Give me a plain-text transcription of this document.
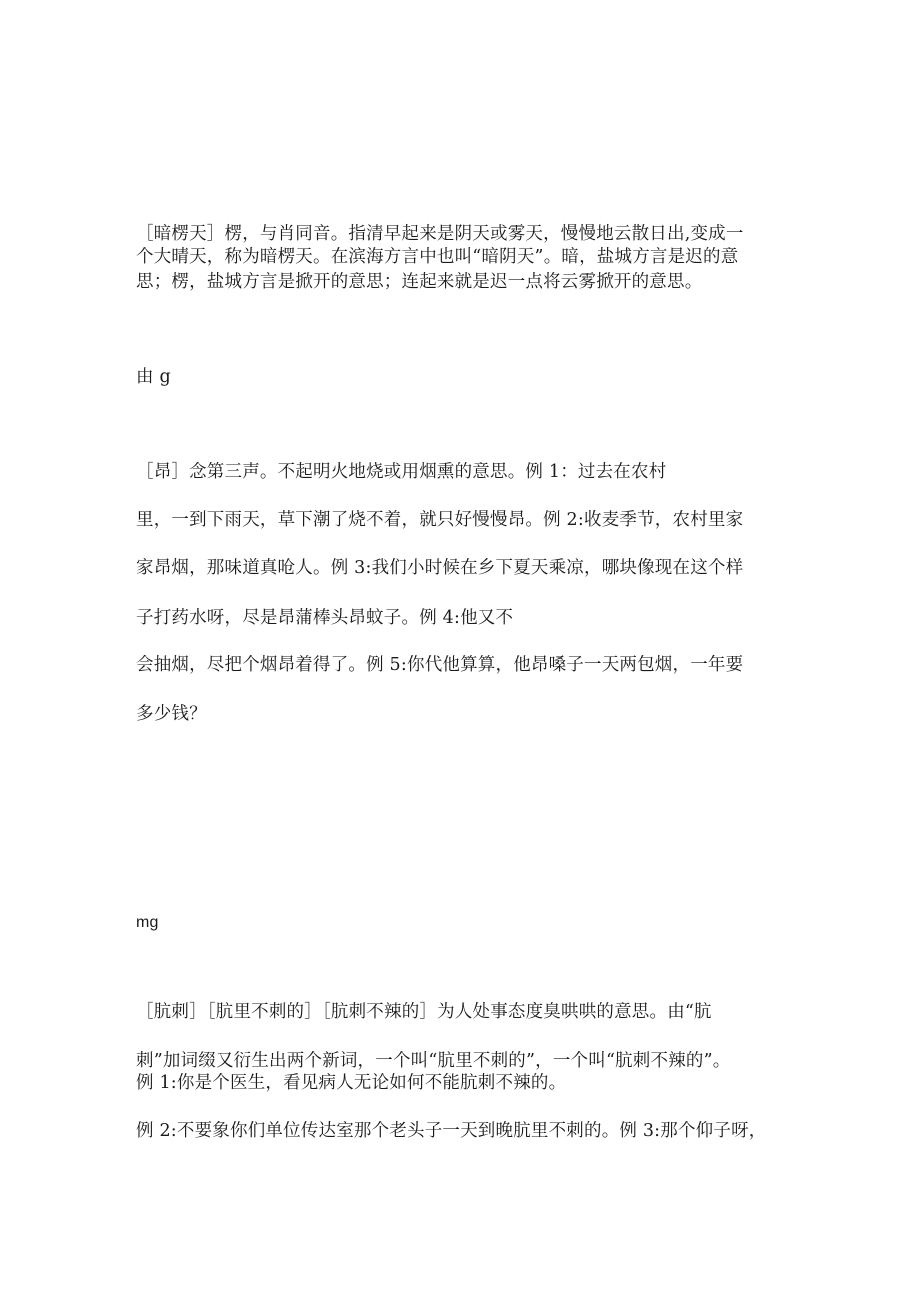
［暗楞天］楞，与肖同音。指清早起来是阴天或雾天，慢慢地云散日出,变成一
个大晴天，称为暗楞天。在滨海方言中也叫“暗阴天”。暗，盐城方言是迟的意
思；楞，盐城方言是掀开的意思；连起来就是迟一点将云雾掀开的意思。
由 g
［昂］念第三声。不起明火地烧或用烟熏的意思。例 1：过去在农村
里，一到下雨天，草下潮了烧不着，就只好慢慢昂。例 2:收麦季节，农村里家
家昂烟，那味道真呛人。例 3:我们小时候在乡下夏天乘凉，哪块像现在这个样
子打药水呀，尽是昂蒲棒头昂蚊子。例 4:他又不
会抽烟，尽把个烟昂着得了。例 5:你代他算算，他昂嗓子一天两包烟，一年要
多少钱？
mg
［肮刺］［肮里不刺的］［肮刺不辣的］为人处事态度臭哄哄的意思。由“肮
刺”加词缀又衍生出两个新词，一个叫“肮里不刺的”，一个叫“肮刺不辣的”。
例 1:你是个医生，看见病人无论如何不能肮刺不辣的。
例 2:不要象你们单位传达室那个老头子一天到晚肮里不刺的。例 3:那个仰子呀，
